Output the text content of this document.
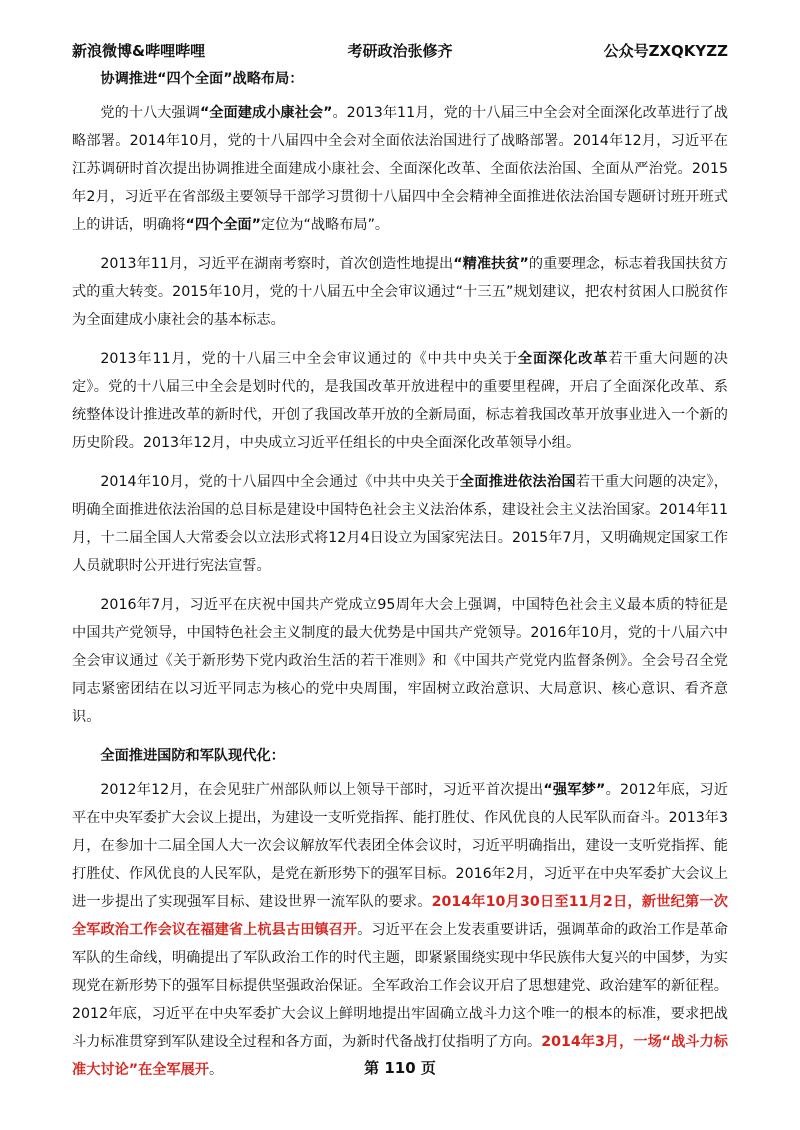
新浪微博&哔哩哔哩	考研政治张修齐	公众号ZXQKYZZ

协调推进“四个全面”战略布局：

党的十八大强调“全面建成小康社会”。2013年11月，党的十八届三中全会对全面深化改革进行了战略部署。2014年10月，党的十八届四中全会对全面依法治国进行了战略部署。2014年12月，习近平在江苏调研时首次提出协调推进全面建成小康社会、全面深化改革、全面依法治国、全面从严治党。2015年2月，习近平在省部级主要领导干部学习贯彻十八届四中全会精神全面推进依法治国专题研讨班开班式上的讲话，明确将“四个全面”定位为“战略布局”。

2013年11月，习近平在湖南考察时，首次创造性地提出“精准扶贫”的重要理念，标志着我国扶贫方式的重大转变。2015年10月，党的十八届五中全会审议通过“十三五”规划建议，把农村贫困人口脱贫作为全面建成小康社会的基本标志。

2013年11月，党的十八届三中全会审议通过的《中共中央关于全面深化改革若干重大问题的决定》。党的十八届三中全会是划时代的，是我国改革开放进程中的重要里程碑，开启了全面深化改革、系统整体设计推进改革的新时代，开创了我国改革开放的全新局面，标志着我国改革开放事业进入一个新的历史阶段。2013年12月，中央成立习近平任组长的中央全面深化改革领导小组。

2014年10月，党的十八届四中全会通过《中共中央关于全面推进依法治国若干重大问题的决定》，明确全面推进依法治国的总目标是建设中国特色社会主义法治体系，建设社会主义法治国家。2014年11月，十二届全国人大常委会以立法形式将12月4日设立为国家宪法日。2015年7月，又明确规定国家工作人员就职时公开进行宪法宣誓。

2016年7月，习近平在庆祝中国共产党成立95周年大会上强调，中国特色社会主义最本质的特征是中国共产党领导，中国特色社会主义制度的最大优势是中国共产党领导。2016年10月，党的十八届六中全会审议通过《关于新形势下党内政治生活的若干准则》和《中国共产党党内监督条例》。全会号召全党同志紧密团结在以习近平同志为核心的党中央周围，牢固树立政治意识、大局意识、核心意识、看齐意识。

全面推进国防和军队现代化：

2012年12月，在会见驻广州部队师以上领导干部时，习近平首次提出“强军梦”。2012年底，习近平在中央军委扩大会议上提出，为建设一支听党指挥、能打胜仗、作风优良的人民军队而奋斗。2013年3月，在参加十二届全国人大一次会议解放军代表团全体会议时，习近平明确指出，建设一支听党指挥、能打胜仗、作风优良的人民军队，是党在新形势下的强军目标。2016年2月，习近平在中央军委扩大会议上进一步提出了实现强军目标、建设世界一流军队的要求。2014年10月30日至11月2日，新世纪第一次全军政治工作会议在福建省上杭县古田镇召开。习近平在会上发表重要讲话，强调革命的政治工作是革命军队的生命线，明确提出了军队政治工作的时代主题，即紧紧围绕实现中华民族伟大复兴的中国梦，为实现党在新形势下的强军目标提供坚强政治保证。全军政治工作会议开启了思想建党、政治建军的新征程。2012年底，习近平在中央军委扩大会议上鲜明地提出牢固确立战斗力这个唯一的根本的标准，要求把战斗力标准贯穿到军队建设全过程和各方面，为新时代备战打仗指明了方向。2014年3月，一场“战斗力标准大讨论”在全军展开。	第 110 页
